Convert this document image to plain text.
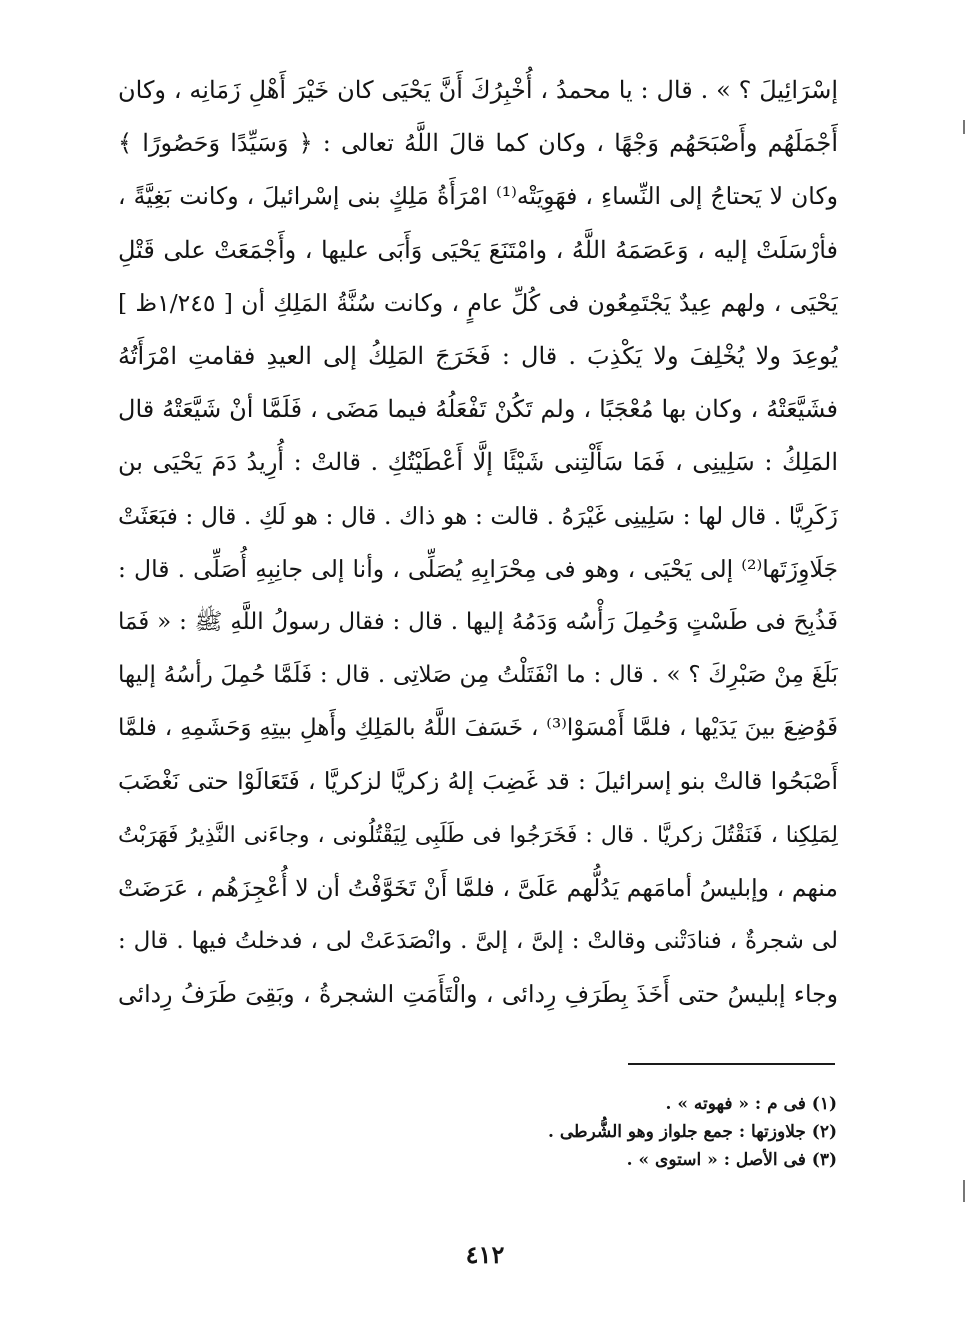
إسْرَائِيلَ ؟ » . قال : يا محمدُ ، أُخْبِرُكَ أَنَّ يَحْيَى كان خَيْرَ أَهْلِ زَمَانِه ، وكان
أَجْمَلَهُم وأَصْبَحَهُم وَجْهًا ، وكان كما قالَ اللَّهُ تعالى : ﴿ وَسَيِّدًا وَحَصُورًا ﴾
وكان لا يَحتاجُ إلى النِّساءِ ، فهَوِيَتْه⁽¹⁾ امْرَأَةُ مَلِكٍ بنى إسْرائيلَ ، وكانت بَغِيَّةً ،
فأرْسَلَتْ إليه ، وَعَصَمَهُ اللَّهُ ، وامْتَنَعَ يَحْيَى وَأَبَى عليها ، وأَجْمَعَتْ على قَتْلِ
يَحْيَى ، ولهم عِيدٌ يَجْتَمِعُون فى كُلِّ عامٍ ، وكانت سُنَّةُ المَلِكِ أن [ ١/٢٤٥ظ ]
يُوعِدَ ولا يُخْلِفَ ولا يَكْذِبَ . قال : فَخَرَجَ المَلِكُ إلى العيدِ فقامتِ امْرَأَتُهُ
فشَيَّعَتْهُ ، وكان بها مُعْجَبًا ، ولم تَكُنْ تَفْعَلُهُ فيما مَضَى ، فَلَمَّا أنْ شَيَّعَتْهُ قال
المَلِكُ : سَلِينِى ، فَمَا سَأَلْتِنى شَيْئًا إلَّا أَعْطَيْتُكِ . قالتْ : أُرِيدُ دَمَ يَحْيَى بن
زَكَرِيَّا . قال لها : سَلِينِى غَيْرَهُ . قالت : هو ذاك . قال : هو لَكِ . قال : فبَعَثَتْ
جَلَاوِزَتَها⁽²⁾ إلى يَحْيَى ، وهو فى مِحْرَابِهِ يُصَلِّى ، وأنا إلى جانِبِهِ أُصَلِّى . قال :
فَذُبِحَ فى طَسْتٍ وَحُمِلَ رَأْسُه وَدَمُهُ إليها . قال : فقال رسولُ اللَّهِ ﷺ : « فَمَا
بَلَغَ مِنْ صَبْرِكَ ؟ » . قال : ما انْفَتَلْتُ مِن صَلاتِى . قال : فَلَمَّا حُمِلَ رأسُهُ إليها
فَوُضِعَ بينَ يَدَيْها ، فلمَّا أَمْسَوْا⁽³⁾ ، خَسَفَ اللَّهُ بالمَلِكِ وأَهلِ بيتِهِ وَحَشَمِهِ ، فلمَّا
أَصْبَحُوا قالتْ بنو إسرائيلَ : قد غَضِبَ إلهُ زكريَّا لزكريَّا ، فَتَعَالَوْا حتى نَغْضَبَ
لِمَلِكِنا ، فَنَقْتُلَ زكريَّا . قال : فَخَرَجُوا فى طَلَبِى لِيَقْتُلُونى ، وجاءَنى النَّذِيرُ فَهَرَبْتُ
منهم ، وإبليسُ أمامَهم يَدُلُّهم عَلَىَّ ، فلمَّا أَنْ تَخَوَّفْتُ أن لا أُعْجِزَهُم ، عَرَضَتْ
لى شجرةٌ ، فنادَتْنى وقالتْ : إلىَّ ، إلىَّ . وانْصَدَعَتْ لى ، فدخلتُ فيها . قال :
وجاء إبليسُ حتى أَخَذَ بِطَرَفِ رِدائى ، والْتَأَمَتِ الشجرةُ ، وبَقِىَ طَرَفُ رِدائى
(١) فى م : « فهوته » .
(٢) جلاوزتها : جمع جلواز وهو الشُّرطى .
(٣) فى الأصل : « استوى » .
٤١٢
